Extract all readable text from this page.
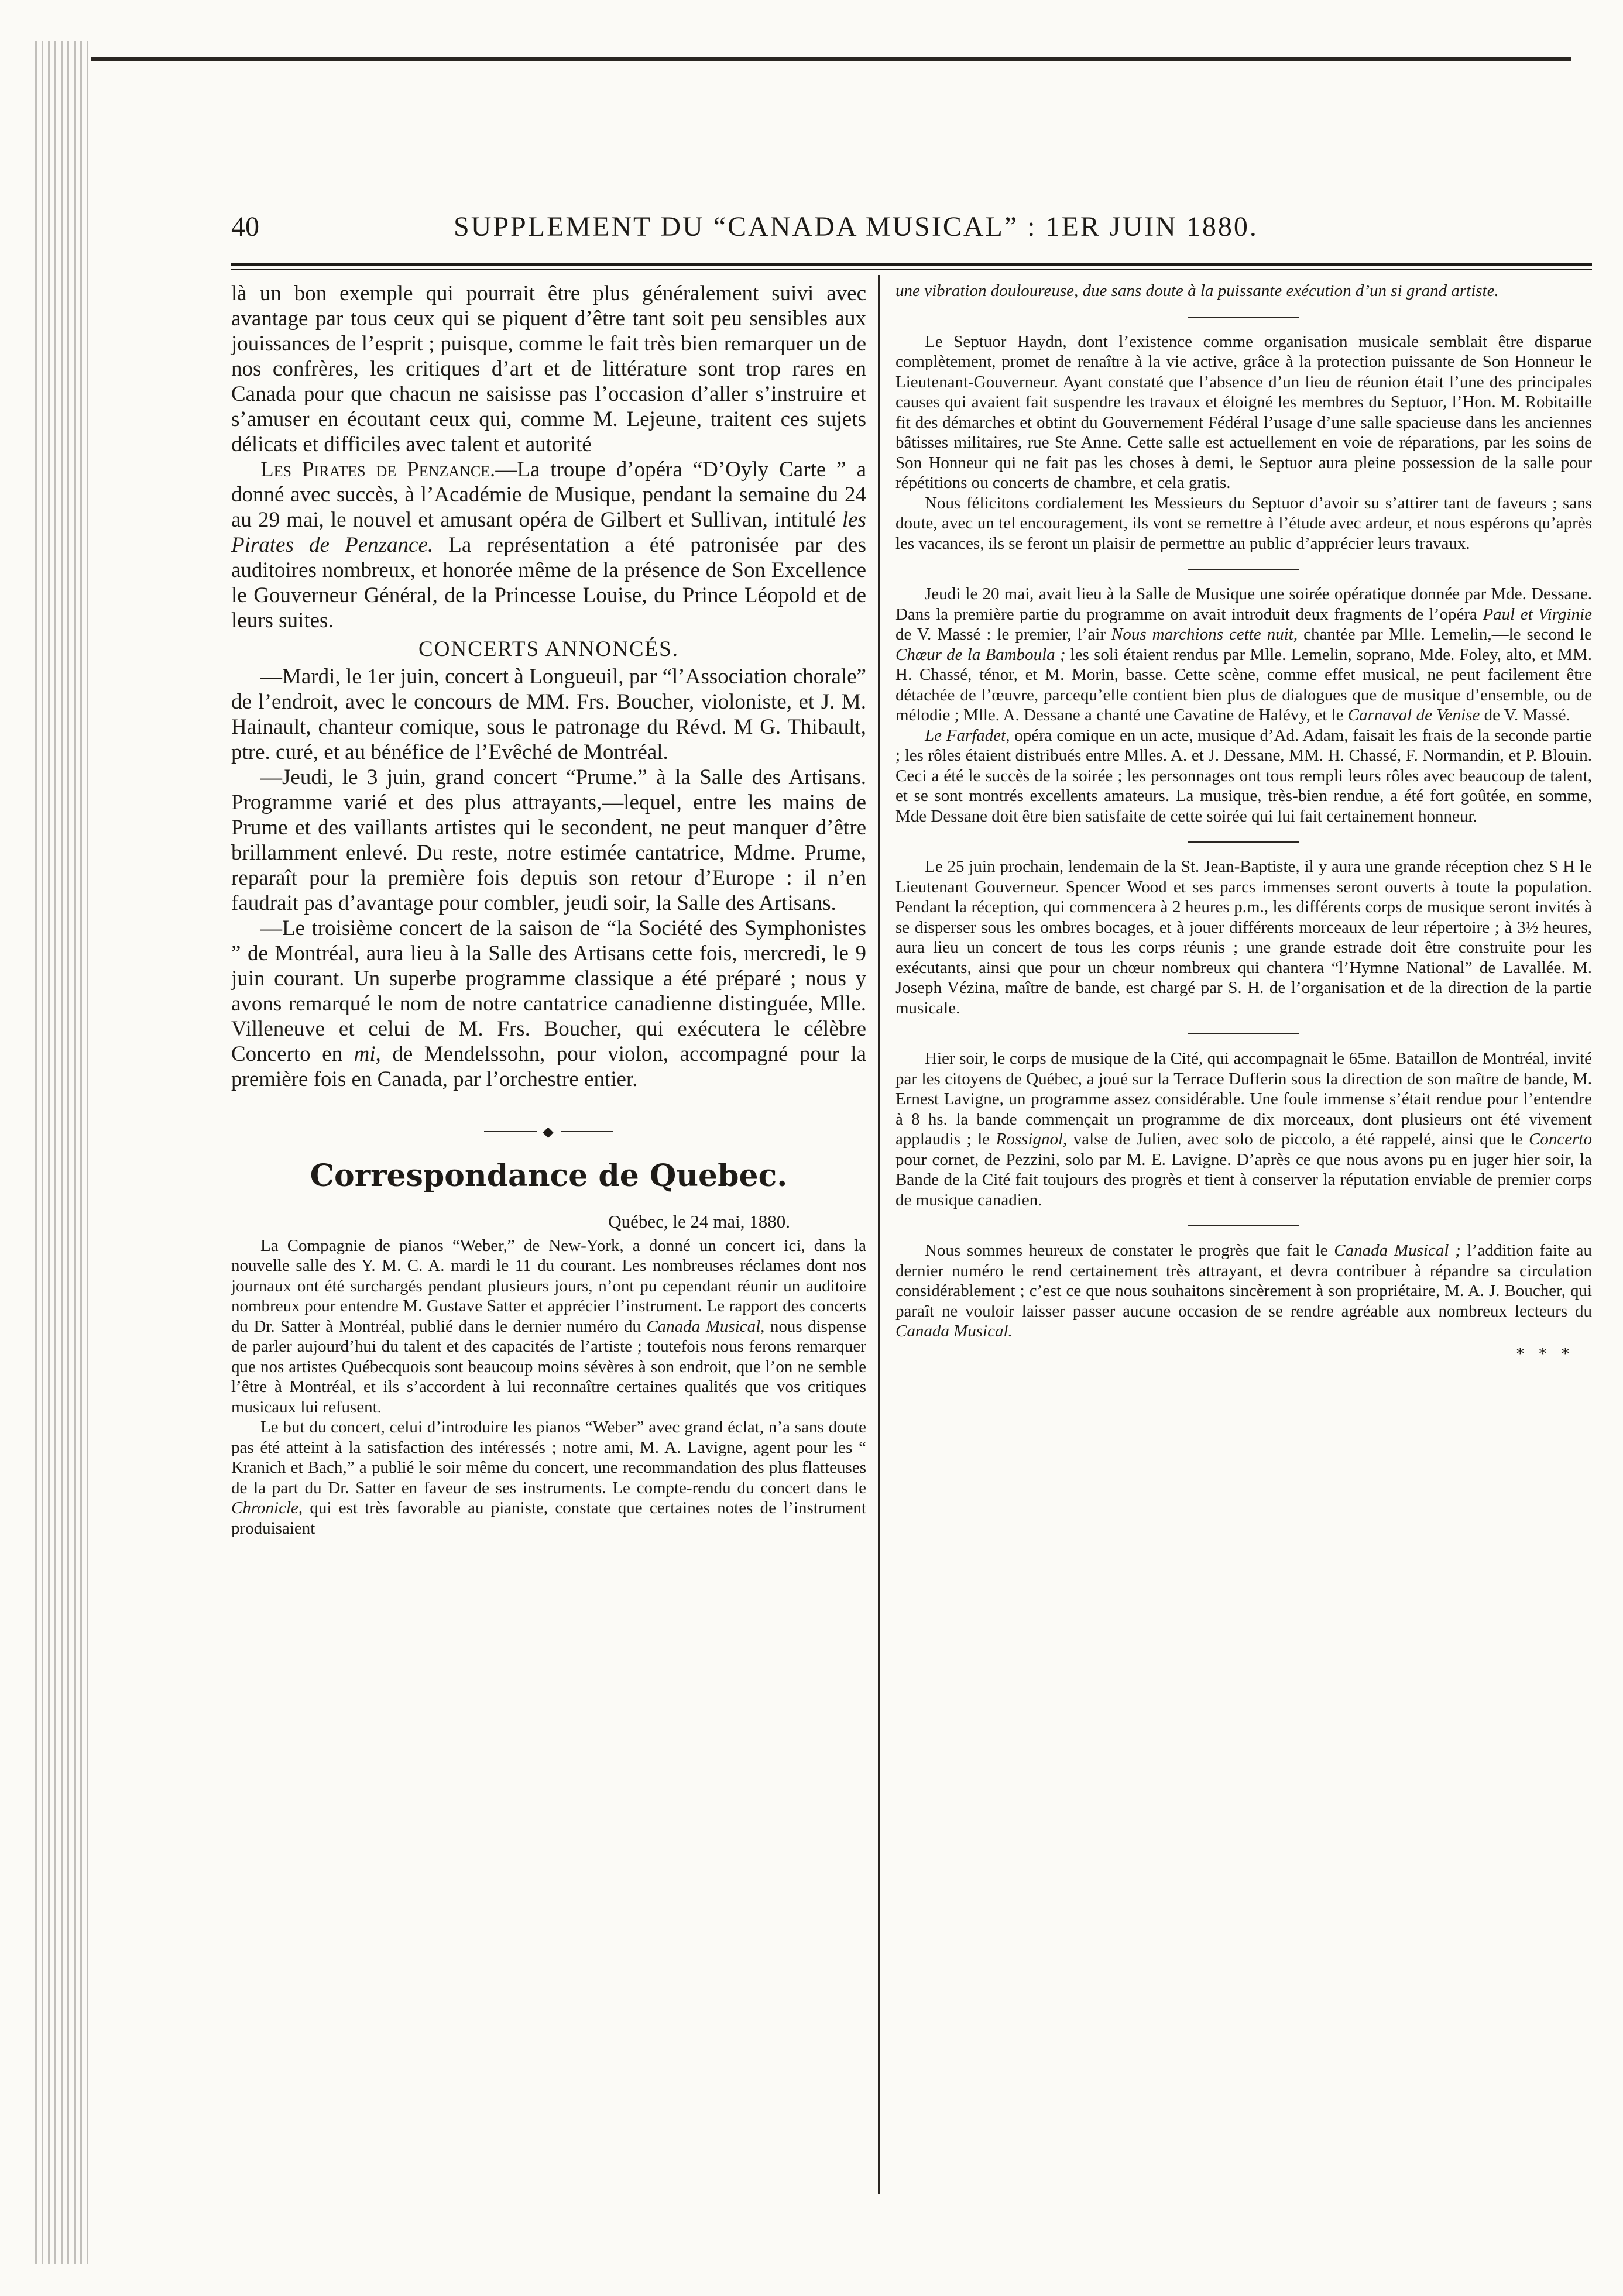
40	SUPPLEMENT DU “CANADA MUSICAL” : 1ER JUIN 1880.

là un bon exemple qui pourrait être plus généralement suivi avec avantage par tous ceux qui se piquent d’être tant soit peu sensibles aux jouissances de l’esprit ; puisque, comme le fait très bien remarquer un de nos confrères, les critiques d’art et de littérature sont trop rares en Canada pour que chacun ne saisisse pas l’occasion d’aller s’instruire et s’amuser en écoutant ceux qui, comme M. Lejeune, traitent ces sujets délicats et difficiles avec talent et autorité

Les Pirates de Penzance.—La troupe d’opéra “D’Oyly Carte ” a donné avec succès, à l’Académie de Musique, pendant la semaine du 24 au 29 mai, le nouvel et amusant opéra de Gilbert et Sullivan, intitulé les Pirates de Penzance. La représentation a été patronisée par des auditoires nombreux, et honorée même de la présence de Son Excellence le Gouverneur Général, de la Princesse Louise, du Prince Léopold et de leurs suites.

CONCERTS ANNONCÉS.

—Mardi, le 1er juin, concert à Longueuil, par “l’Association chorale” de l’endroit, avec le concours de MM. Frs. Boucher, violoniste, et J. M. Hainault, chanteur comique, sous le patronage du Révd. M G. Thibault, ptre. curé, et au bénéfice de l’Evêché de Montréal.

—Jeudi, le 3 juin, grand concert “Prume.” à la Salle des Artisans. Programme varié et des plus attrayants,—lequel, entre les mains de Prume et des vaillants artistes qui le secondent, ne peut manquer d’être brillamment enlevé. Du reste, notre estimée cantatrice, Mdme. Prume, reparaît pour la première fois depuis son retour d’Europe : il n’en faudrait pas d’avantage pour combler, jeudi soir, la Salle des Artisans.

—Le troisième concert de la saison de “la Société des Symphonistes ” de Montréal, aura lieu à la Salle des Artisans cette fois, mercredi, le 9 juin courant. Un superbe programme classique a été préparé ; nous y avons remarqué le nom de notre cantatrice canadienne distinguée, Mlle. Villeneuve et celui de M. Frs. Boucher, qui exécutera le célèbre Concerto en mi, de Mendelssohn, pour violon, accompagné pour la première fois en Canada, par l’orchestre entier.

◆
Correspondance de Quebec.
Québec, le 24 mai, 1880.

La Compagnie de pianos “Weber,” de New-York, a donné un concert ici, dans la nouvelle salle des Y. M. C. A. mardi le 11 du courant. Les nombreuses réclames dont nos journaux ont été surchargés pendant plusieurs jours, n’ont pu cependant réunir un auditoire nombreux pour entendre M. Gustave Satter et apprécier l’instrument. Le rapport des concerts du Dr. Satter à Montréal, publié dans le dernier numéro du Canada Musical, nous dispense de parler aujourd’hui du talent et des capacités de l’artiste ; toutefois nous ferons remarquer que nos artistes Québecquois sont beaucoup moins sévères à son endroit, que l’on ne semble l’être à Montréal, et ils s’accordent à lui reconnaître certaines qualités que vos critiques musicaux lui refusent.

Le but du concert, celui d’introduire les pianos “Weber” avec grand éclat, n’a sans doute pas été atteint à la satisfaction des intéressés ; notre ami, M. A. Lavigne, agent pour les “ Kranich et Bach,” a publié le soir même du concert, une recommandation des plus flatteuses de la part du Dr. Satter en faveur de ses instruments. Le compte-rendu du concert dans le Chronicle, qui est très favorable au pianiste, constate que certaines notes de l’instrument produisaient

une vibration douloureuse, due sans doute à la puissante exécution d’un si grand artiste.

Le Septuor Haydn, dont l’existence comme organisation musicale semblait être disparue complètement, promet de renaître à la vie active, grâce à la protection puissante de Son Honneur le Lieutenant-Gouverneur. Ayant constaté que l’absence d’un lieu de réunion était l’une des principales causes qui avaient fait suspendre les travaux et éloigné les membres du Septuor, l’Hon. M. Robitaille fit des démarches et obtint du Gouvernement Fédéral l’usage d’une salle spacieuse dans les anciennes bâtisses militaires, rue Ste Anne. Cette salle est actuellement en voie de réparations, par les soins de Son Honneur qui ne fait pas les choses à demi, le Septuor aura pleine possession de la salle pour répétitions ou concerts de chambre, et cela gratis.

Nous félicitons cordialement les Messieurs du Septuor d’avoir su s’attirer tant de faveurs ; sans doute, avec un tel encouragement, ils vont se remettre à l’étude avec ardeur, et nous espérons qu’après les vacances, ils se feront un plaisir de permettre au public d’apprécier leurs travaux.

Jeudi le 20 mai, avait lieu à la Salle de Musique une soirée opératique donnée par Mde. Dessane. Dans la première partie du programme on avait introduit deux fragments de l’opéra Paul et Virginie de V. Massé : le premier, l’air Nous marchions cette nuit, chantée par Mlle. Lemelin,—le second le Chœur de la Bamboula ; les soli étaient rendus par Mlle. Lemelin, soprano, Mde. Foley, alto, et MM. H. Chassé, ténor, et M. Morin, basse. Cette scène, comme effet musical, ne peut facilement être détachée de l’œuvre, parcequ’elle contient bien plus de dialogues que de musique d’ensemble, ou de mélodie ; Mlle. A. Dessane a chanté une Cavatine de Halévy, et le Carnaval de Venise de V. Massé.

Le Farfadet, opéra comique en un acte, musique d’Ad. Adam, faisait les frais de la seconde partie ; les rôles étaient distribués entre Mlles. A. et J. Dessane, MM. H. Chassé, F. Normandin, et P. Blouin. Ceci a été le succès de la soirée ; les personnages ont tous rempli leurs rôles avec beaucoup de talent, et se sont montrés excellents amateurs. La musique, très-bien rendue, a été fort goûtée, en somme, Mde Dessane doit être bien satisfaite de cette soirée qui lui fait certainement honneur.

Le 25 juin prochain, lendemain de la St. Jean-Baptiste, il y aura une grande réception chez S H le Lieutenant Gouverneur. Spencer Wood et ses parcs immenses seront ouverts à toute la population. Pendant la réception, qui commencera à 2 heures p.m., les différents corps de musique seront invités à se disperser sous les ombres bocages, et à jouer différents morceaux de leur répertoire ; à 3½ heures, aura lieu un concert de tous les corps réunis ; une grande estrade doit être construite pour les exécutants, ainsi que pour un chœur nombreux qui chantera “l’Hymne National” de Lavallée. M. Joseph Vézina, maître de bande, est chargé par S. H. de l’organisation et de la direction de la partie musicale.

Hier soir, le corps de musique de la Cité, qui accompagnait le 65me. Bataillon de Montréal, invité par les citoyens de Québec, a joué sur la Terrace Dufferin sous la direction de son maître de bande, M. Ernest Lavigne, un programme assez considérable. Une foule immense s’était rendue pour l’entendre à 8 hs. la bande commençait un programme de dix morceaux, dont plusieurs ont été vivement applaudis ; le Rossignol, valse de Julien, avec solo de piccolo, a été rappelé, ainsi que le Concerto pour cornet, de Pezzini, solo par M. E. Lavigne. D’après ce que nous avons pu en juger hier soir, la Bande de la Cité fait toujours des progrès et tient à conserver la réputation enviable de premier corps de musique canadien.

Nous sommes heureux de constater le progrès que fait le Canada Musical ; l’addition faite au dernier numéro le rend certainement très attrayant, et devra contribuer à répandre sa circulation considérablement ; c’est ce que nous souhaitons sincèrement à son propriétaire, M. A. J. Boucher, qui paraît ne vouloir laisser passer aucune occasion de se rendre agréable aux nombreux lecteurs du Canada Musical.

* * *
